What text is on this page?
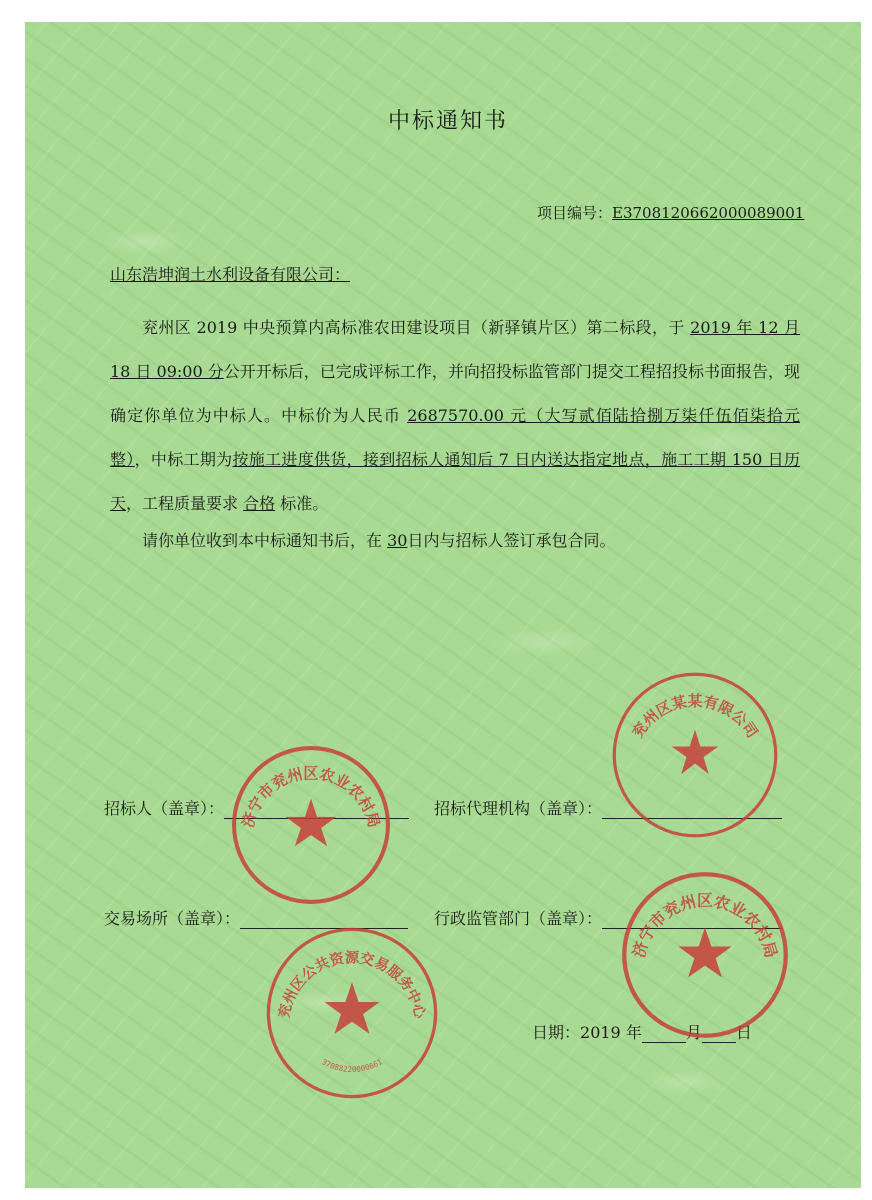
中标通知书
项目编号：E3708120662000089001
山东浩坤润土水利设备有限公司：
兖州区 2019 中央预算内高标准农田建设项目（新驿镇片区）第二标段，于 2019 年 12 月 18 日 09:00 分公开开标后，已完成评标工作，并向招投标监管部门提交工程招投标书面报告，现确定你单位为中标人。中标价为人民币 2687570.00 元（大写贰佰陆拾捌万柒仟伍佰柒拾元整），中标工期为按施工进度供货，接到招标人通知后 7 日内送达指定地点，施工工期 150 日历天，工程质量要求 合格 标准。
请你单位收到本中标通知书后，在 30日内与招标人签订承包合同。
招标人（盖章）：	招标代理机构（盖章）：
交易场所（盖章）：	行政监管部门（盖章）：
日期：2019 年	月 日
济宁市兖州区农业农村局
兖州区某某有限公司
济宁市兖州区农业农村局
兖州区公共资源交易服务中心
37088220000661
